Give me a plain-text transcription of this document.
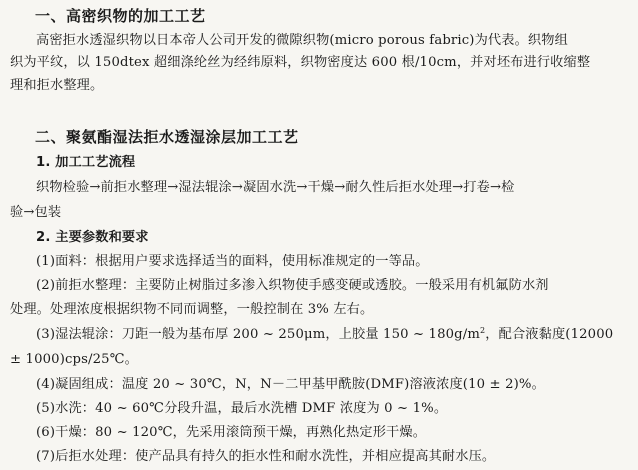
一、高密织物的加工工艺
高密拒水透湿织物以日本帝人公司开发的微隙织物(micro porous fabric)为代表。织物组
织为平纹，以 150dtex 超细涤纶丝为经纬原料，织物密度达 600 根/10cm，并对坯布进行收缩整
理和拒水整理。
二、聚氨酯湿法拒水透湿涂层加工工艺
1. 加工工艺流程
织物检验→前拒水整理→湿法辊涂→凝固水洗→干燥→耐久性后拒水处理→打卷→检
验→包装
2. 主要参数和要求
(1)面料：根据用户要求选择适当的面料，使用标准规定的一等品。
(2)前拒水整理：主要防止树脂过多渗入织物使手感变硬或透胶。一般采用有机氟防水剂
处理。处理浓度根据织物不同而调整，一般控制在 3% 左右。
(3)湿法辊涂：刀距一般为基布厚 200 ~ 250μm，上胶量 150 ~ $180g/m^2$，配合液黏度(12000
± 1000)cps/25℃。
(4)凝固组成：温度 20 ~ 30℃，N，N－二甲基甲酰胺(DMF)溶液浓度(10 ± 2)%。
(5)水洗：40 ~ 60℃分段升温，最后水洗槽 DMF 浓度为 0 ~ 1%。
(6)干燥：80 ~ 120℃，先采用滚筒预干燥，再熟化热定形干燥。
(7)后拒水处理：使产品具有持久的拒水性和耐水洗性，并相应提高其耐水压。
